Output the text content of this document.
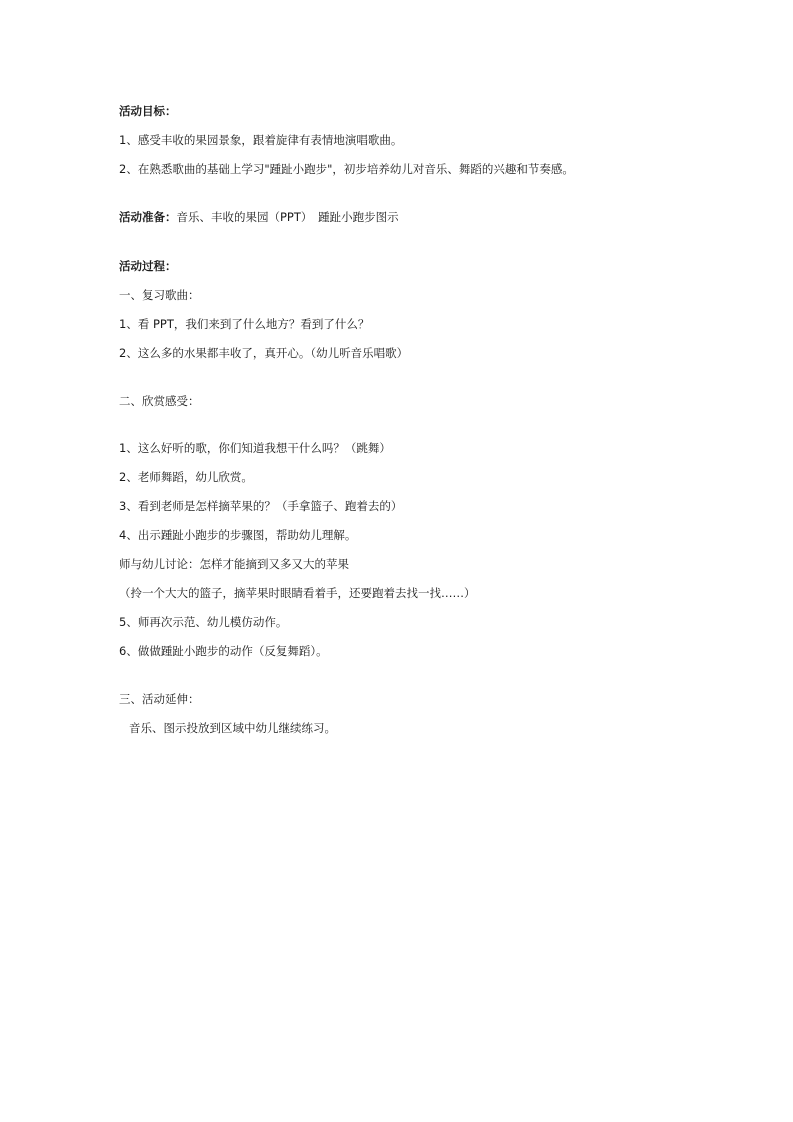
活动目标：
1、感受丰收的果园景象，跟着旋律有表情地演唱歌曲。
2、在熟悉歌曲的基础上学习"踵趾小跑步"，初步培养幼儿对音乐、舞蹈的兴趣和节奏感。
活动准备：音乐、丰收的果园（PPT）　踵趾小跑步图示
活动过程：
一、复习歌曲：
1、看 PPT，我们来到了什么地方？看到了什么？
2、这么多的水果都丰收了，真开心。（幼儿听音乐唱歌）
二、欣赏感受：
1、这么好听的歌，你们知道我想干什么吗？（跳舞）
2、老师舞蹈，幼儿欣赏。
3、看到老师是怎样摘苹果的？（手拿篮子、跑着去的）
4、出示踵趾小跑步的步骤图，帮助幼儿理解。
师与幼儿讨论：怎样才能摘到又多又大的苹果
（拎一个大大的篮子，摘苹果时眼睛看着手，还要跑着去找一找……）
5、师再次示范、幼儿模仿动作。
6、做做踵趾小跑步的动作（反复舞蹈）。
三、活动延伸：
音乐、图示投放到区域中幼儿继续练习。
